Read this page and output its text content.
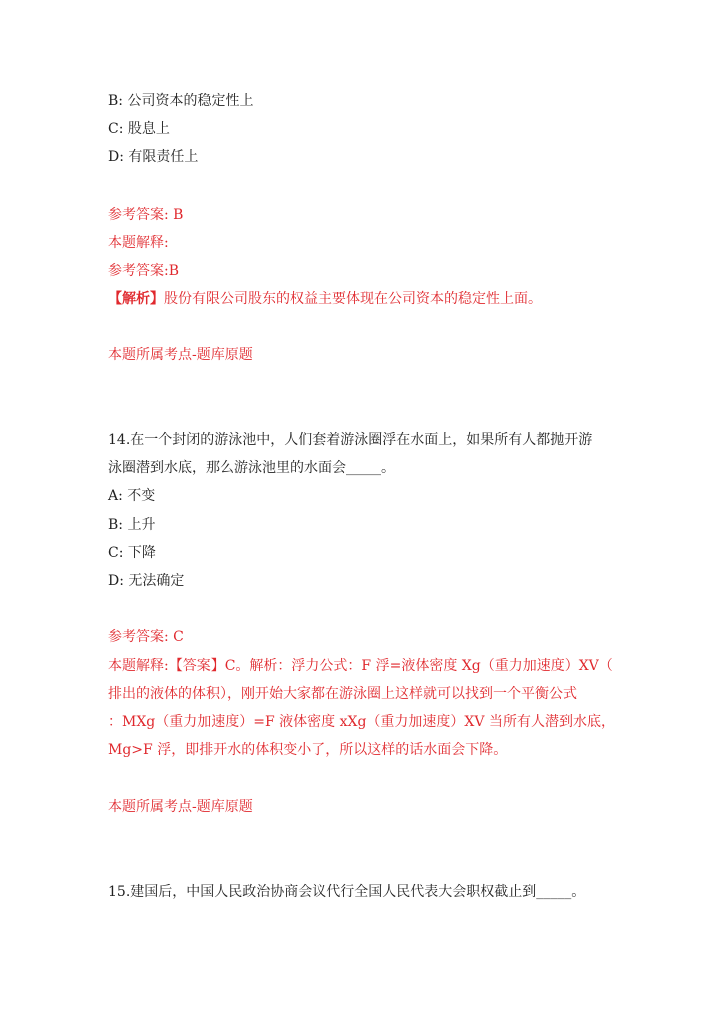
B: 公司资本的稳定性上
C: 股息上
D: 有限责任上
参考答案: B
本题解释:
参考答案:B
【解析】股份有限公司股东的权益主要体现在公司资本的稳定性上面。
本题所属考点-题库原题
14.在一个封闭的游泳池中，人们套着游泳圈浮在水面上，如果所有人都抛开游
泳圈潜到水底，那么游泳池里的水面会_____。
A: 不变
B: 上升
C: 下降
D: 无法确定
参考答案: C
本题解释:【答案】C。解析：浮力公式：F 浮=液体密度 Xg（重力加速度）XV（
排出的液体的体积），刚开始大家都在游泳圈上这样就可以找到一个平衡公式
：MXg（重力加速度）=F 液体密度 xXg（重力加速度）XV 当所有人潜到水底，
Mg>F 浮，即排开水的体积变小了，所以这样的话水面会下降。
本题所属考点-题库原题
15.建国后，中国人民政治协商会议代行全国人民代表大会职权截止到_____。
